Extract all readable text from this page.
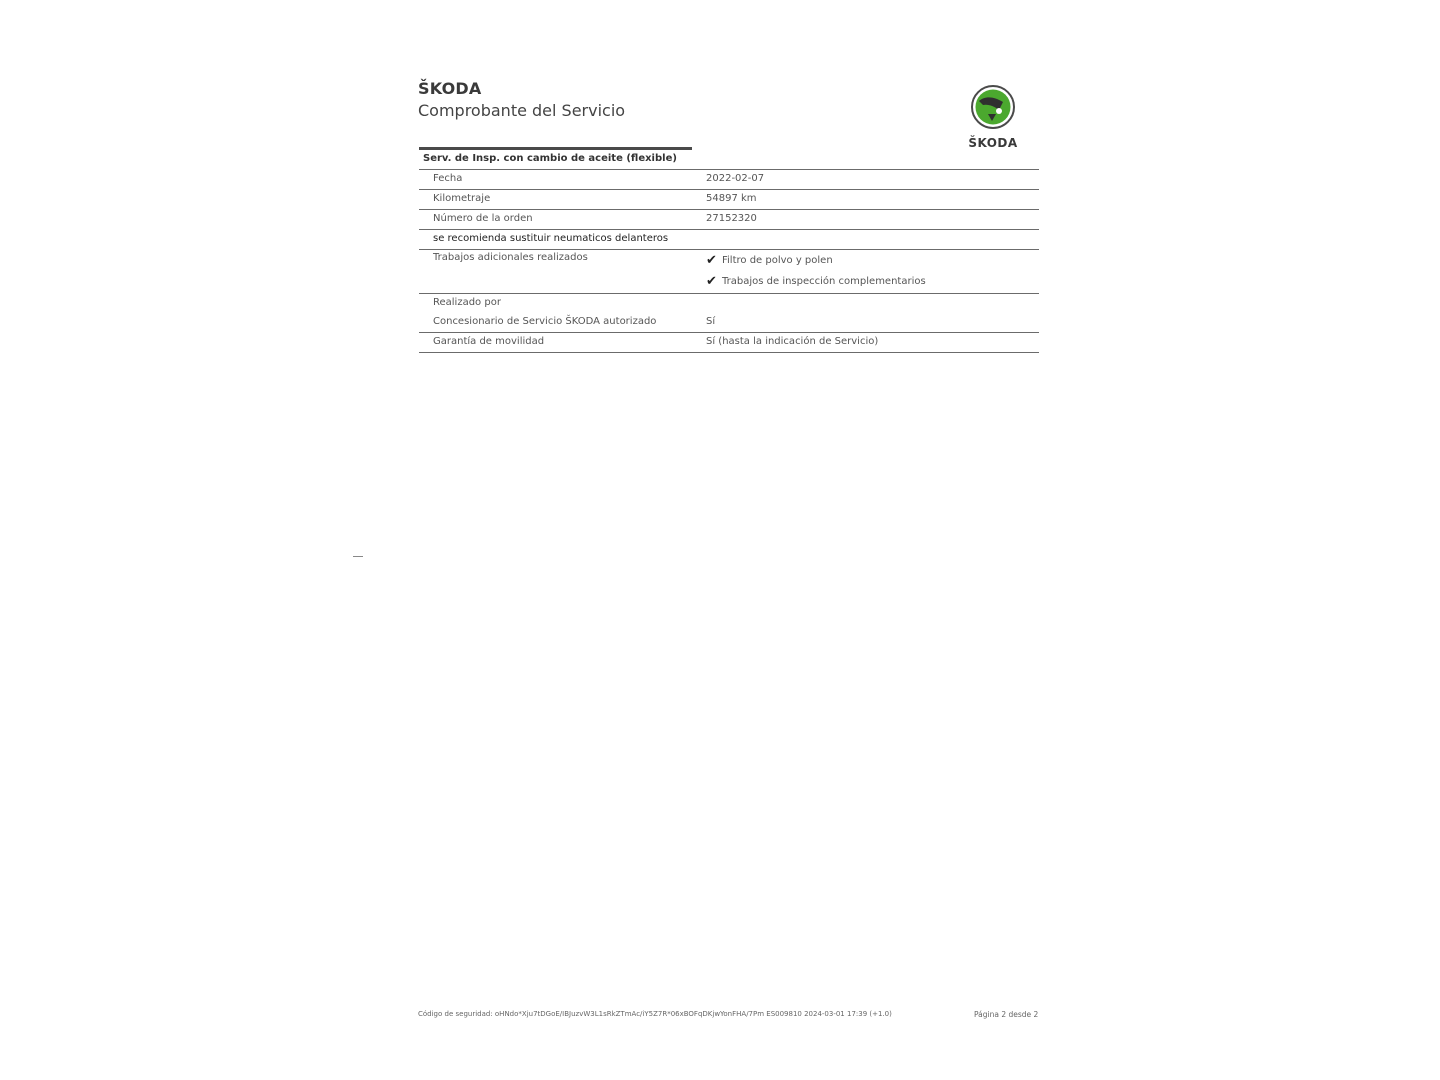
ŠKODA
Comprobante del Servicio
ŠKODA
Serv. de Insp. con cambio de aceite (flexible)
Fecha	2022-02-07
Kilometraje	54897 km
Número de la orden	27152320
se recomienda sustituir neumaticos delanteros
Trabajos adicionales realizados	✔ Filtro de polvo y polen
✔ Trabajos de inspección complementarios
Realizado por
Concesionario de Servicio ŠKODA autorizado	Sí
Garantía de movilidad	Sí (hasta la indicación de Servicio)
Código de seguridad: oHNdo*Xju7tDGoE/IBJuzvW3L1sRkZTmAc/iY5Z7R*06xBOFqDKjwYonFHA/7Pm ES009810 2024-03-01 17:39 (+1.0)	Página 2 desde 2
